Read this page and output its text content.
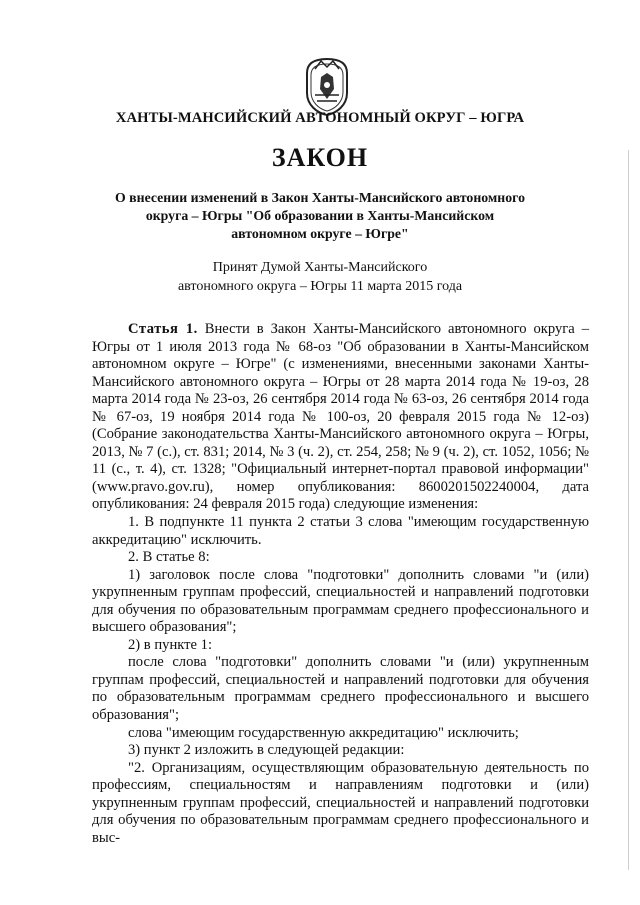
ХАНТЫ-МАНСИЙСКИЙ АВТОНОМНЫЙ ОКРУГ – ЮГРА
ЗАКОН
О внесении изменений в Закон Ханты-Мансийского автономного
округа – Югры "Об образовании в Ханты-Мансийском
автономном округе – Югре"
Принят Думой Ханты-Мансийского
автономного округа – Югры 11 марта 2015 года

Статья 1. Внести в Закон Ханты-Мансийского автономного округа – Югры от 1 июля 2013 года № 68-оз "Об образовании в Ханты-Мансийском автономном округе – Югре" (с изменениями, внесенными законами Ханты-Мансийского автономного округа – Югры от 28 марта 2014 года № 19-оз, 28 марта 2014 года № 23-оз, 26 сентября 2014 года № 63-оз, 26 сентября 2014 года № 67-оз, 19 ноября 2014 года № 100-оз, 20 февраля 2015 года № 12-оз) (Собрание законодательства Ханты-Мансийского автономного округа – Югры, 2013, № 7 (с.), ст. 831; 2014, № 3 (ч. 2), ст. 254, 258; № 9 (ч. 2), ст. 1052, 1056; № 11 (с., т. 4), ст. 1328; "Официальный интернет-портал правовой информации" (www.pravo.gov.ru), номер опубликования: 8600201502240004, дата опубликования: 24 февраля 2015 года) следующие изменения:

1. В подпункте 11 пункта 2 статьи 3 слова "имеющим государственную аккредитацию" исключить.

2. В статье 8:

1) заголовок после слова "подготовки" дополнить словами "и (или) укрупненным группам профессий, специальностей и направлений подготовки для обучения по образовательным программам среднего профессионального и высшего образования";

2) в пункте 1:

после слова "подготовки" дополнить словами "и (или) укрупненным группам профессий, специальностей и направлений подготовки для обучения по образовательным программам среднего профессионального и высшего образования";

слова "имеющим государственную аккредитацию" исключить;

3) пункт 2 изложить в следующей редакции:

"2. Организациям, осуществляющим образовательную деятельность по профессиям, специальностям и направлениям подготовки и (или) укрупненным группам профессий, специальностей и направлений подготовки для обучения по образовательным программам среднего профессионального и выс-
